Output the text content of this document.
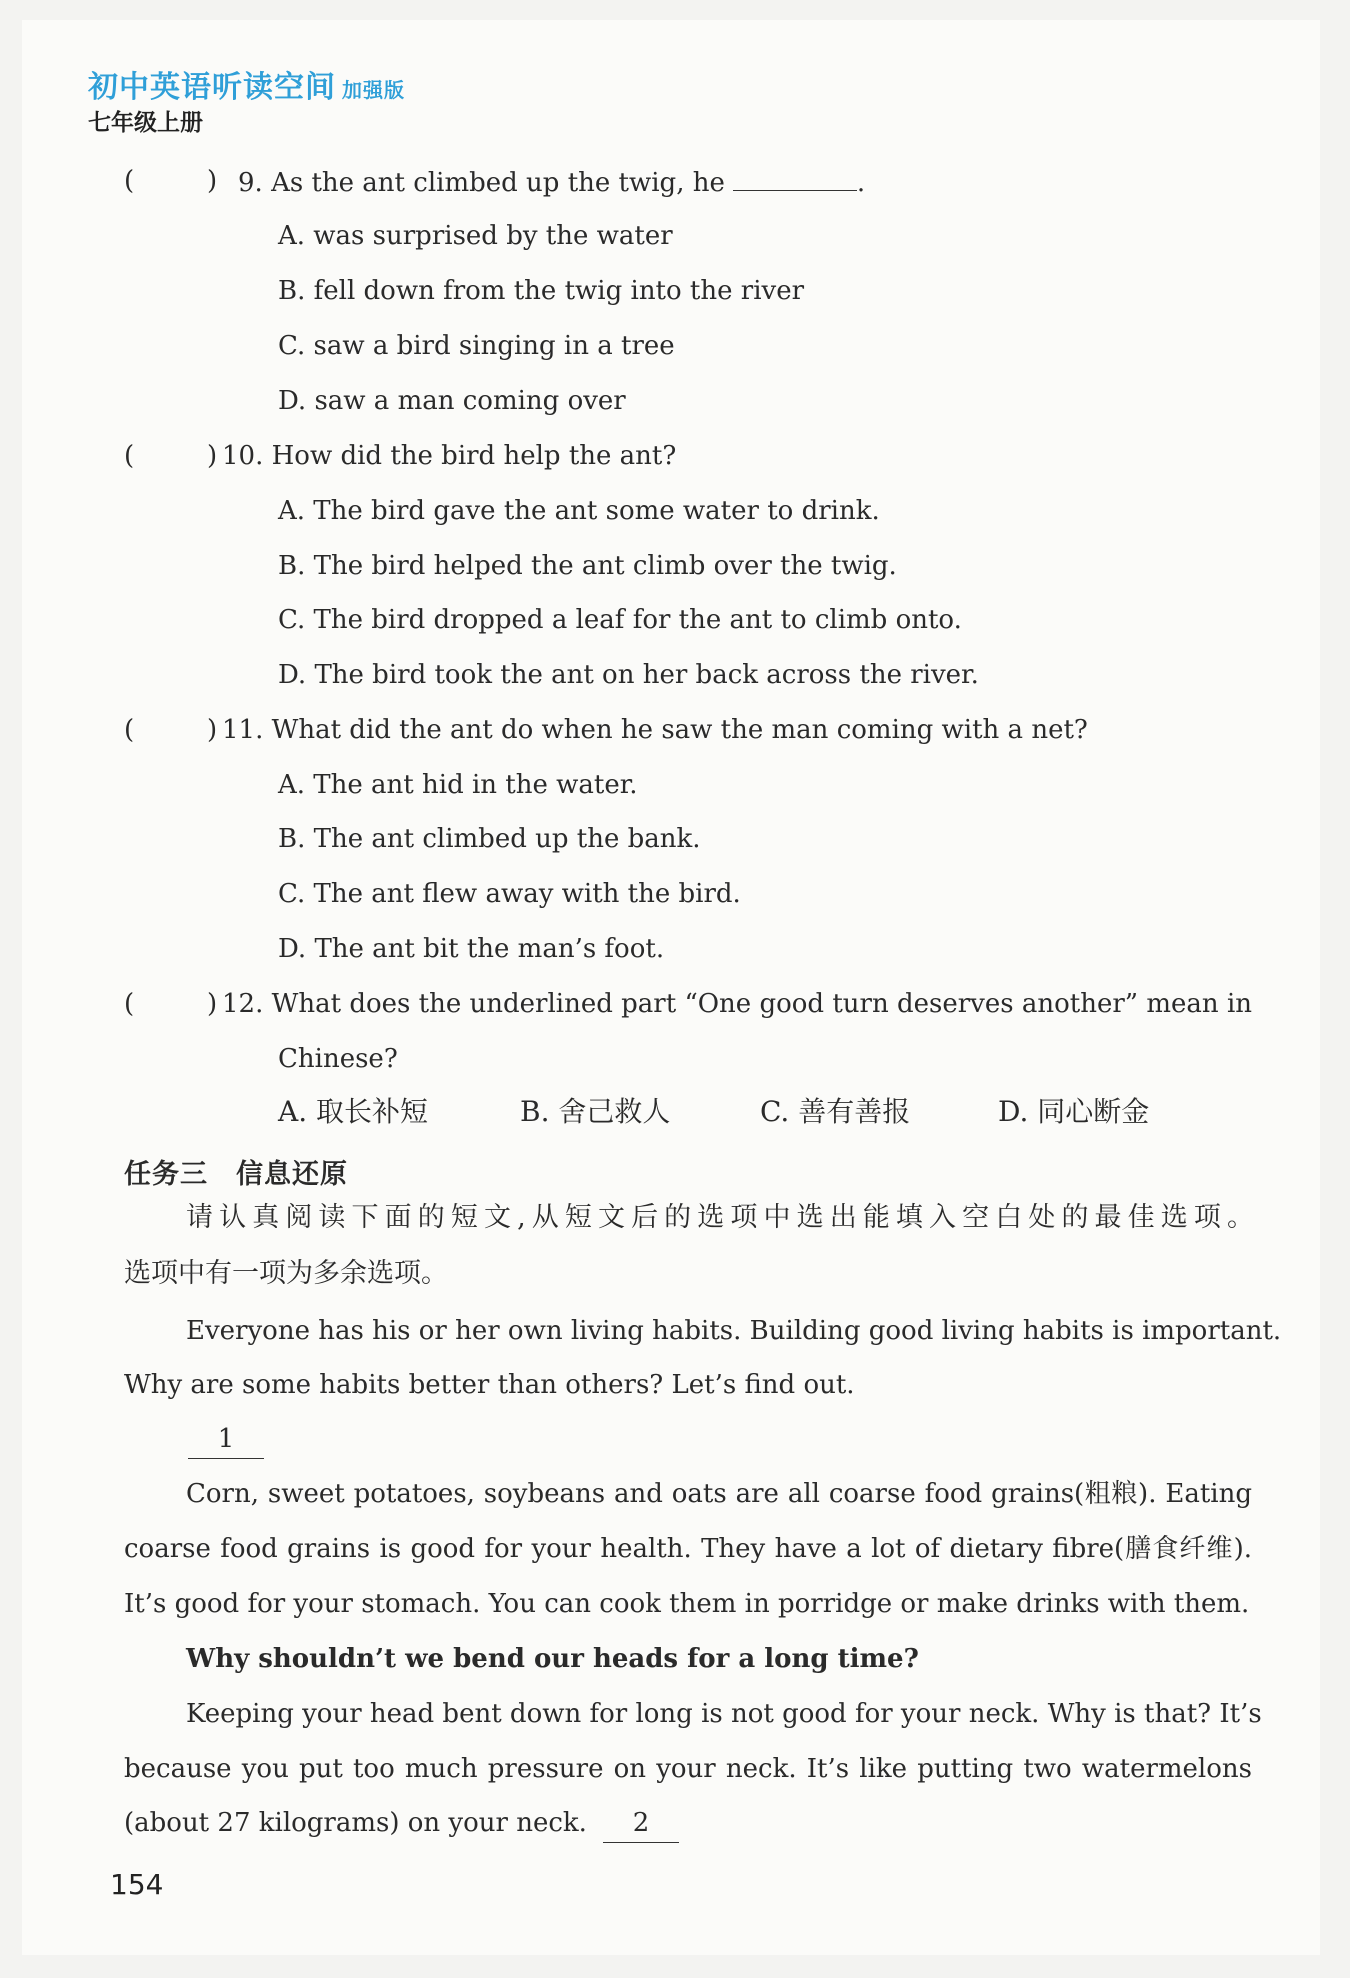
初中英语听读空间 加强版
七年级上册
(	) 9. As the ant climbed up the twig, he	.
A. was surprised by the water
B. fell down from the twig into the river
C. saw a bird singing in a tree
D. saw a man coming over
(	) 10. How did the bird help the ant?
A. The bird gave the ant some water to drink.
B. The bird helped the ant climb over the twig.
C. The bird dropped a leaf for the ant to climb onto.
D. The bird took the ant on her back across the river.
(	) 11. What did the ant do when he saw the man coming with a net?
A. The ant hid in the water.
B. The ant climbed up the bank.
C. The ant flew away with the bird.
D. The ant bit the man’s foot.
(	) 12. What does the underlined part “One good turn deserves another” mean in
Chinese?
A. 取长补短	B. 舍己救人	C. 善有善报	D. 同心断金
任务三　信息还原
请认真阅读下面的短文,从短文后的选项中选出能填入空白处的最佳选项。
选项中有一项为多余选项。
Everyone has his or her own living habits. Building good living habits is important.
Why are some habits better than others? Let’s find out.
1
Corn, sweet potatoes, soybeans and oats are all coarse food grains(粗粮). Eating
coarse food grains is good for your health. They have a lot of dietary fibre(膳食纤维).
It’s good for your stomach. You can cook them in porridge or make drinks with them.
Why shouldn’t we bend our heads for a long time?
Keeping your head bent down for long is not good for your neck. Why is that? It’s
because you put too much pressure on your neck. It’s like putting two watermelons
(about 27 kilograms) on your neck.	2
154
